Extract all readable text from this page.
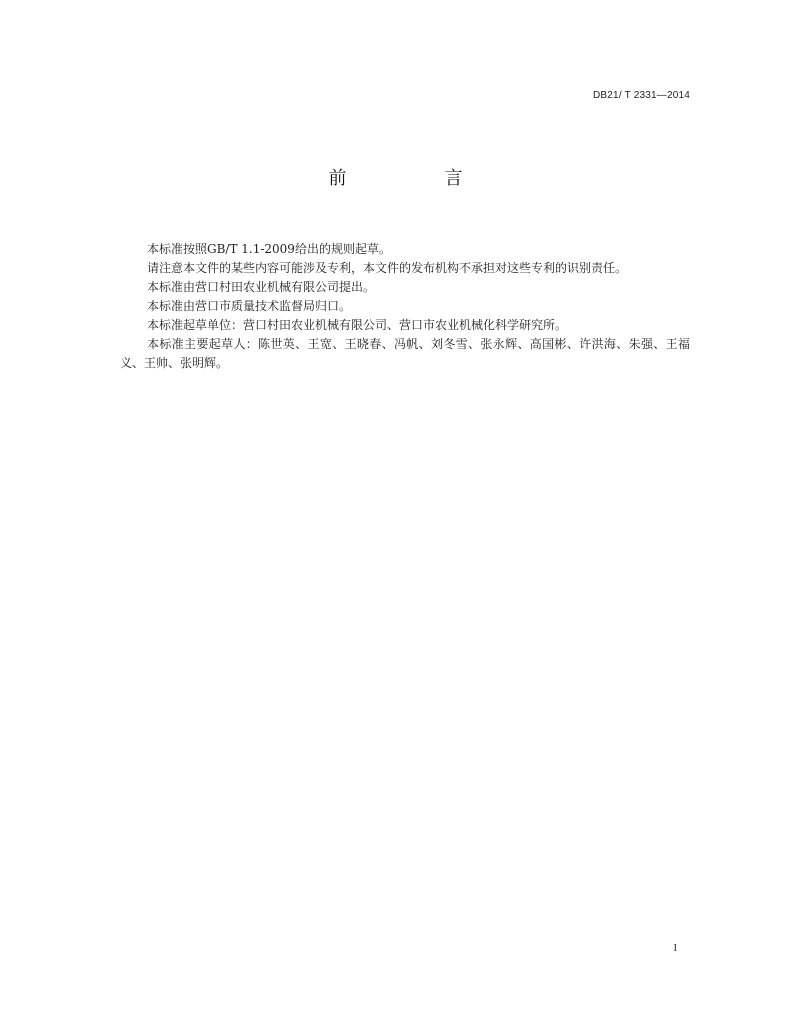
DB21/ T 2331—2014
前　言

本标准按照GB/T 1.1-2009给出的规则起草。

请注意本文件的某些内容可能涉及专利，本文件的发布机构不承担对这些专利的识别责任。

本标准由营口村田农业机械有限公司提出。

本标准由营口市质量技术监督局归口。

本标准起草单位：营口村田农业机械有限公司、营口市农业机械化科学研究所。

本标准主要起草人：陈世英、王宽、王晓春、冯帆、刘冬雪、张永辉、高国彬、许洪海、朱强、王福义、王帅、张明辉。

I
